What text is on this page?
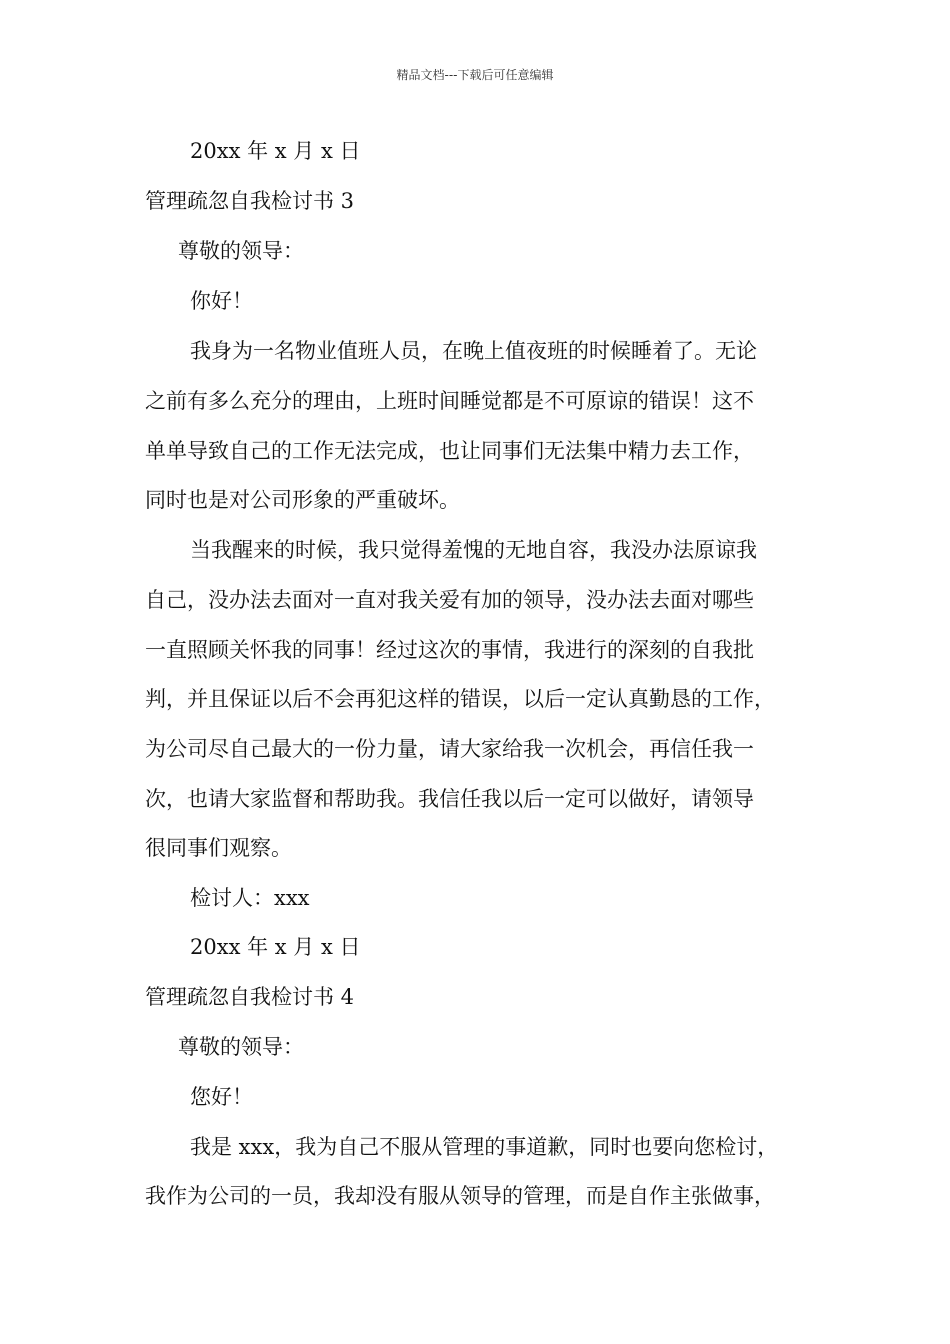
精品文档---下载后可任意编辑
20xx 年 x 月 x 日
管理疏忽自我检讨书 3
尊敬的领导：
你好！
我身为一名物业值班人员，在晚上值夜班的时候睡着了。无论
之前有多么充分的理由，上班时间睡觉都是不可原谅的错误！这不
单单导致自己的工作无法完成，也让同事们无法集中精力去工作，
同时也是对公司形象的严重破坏。
当我醒来的时候，我只觉得羞愧的无地自容，我没办法原谅我
自己，没办法去面对一直对我关爱有加的领导，没办法去面对哪些
一直照顾关怀我的同事！经过这次的事情，我进行的深刻的自我批
判，并且保证以后不会再犯这样的错误，以后一定认真勤恳的工作，
为公司尽自己最大的一份力量，请大家给我一次机会，再信任我一
次，也请大家监督和帮助我。我信任我以后一定可以做好，请领导
很同事们观察。
检讨人：xxx
20xx 年 x 月 x 日
管理疏忽自我检讨书 4
尊敬的领导：
您好！
我是 xxx，我为自己不服从管理的事道歉，同时也要向您检讨，
我作为公司的一员，我却没有服从领导的管理，而是自作主张做事，
